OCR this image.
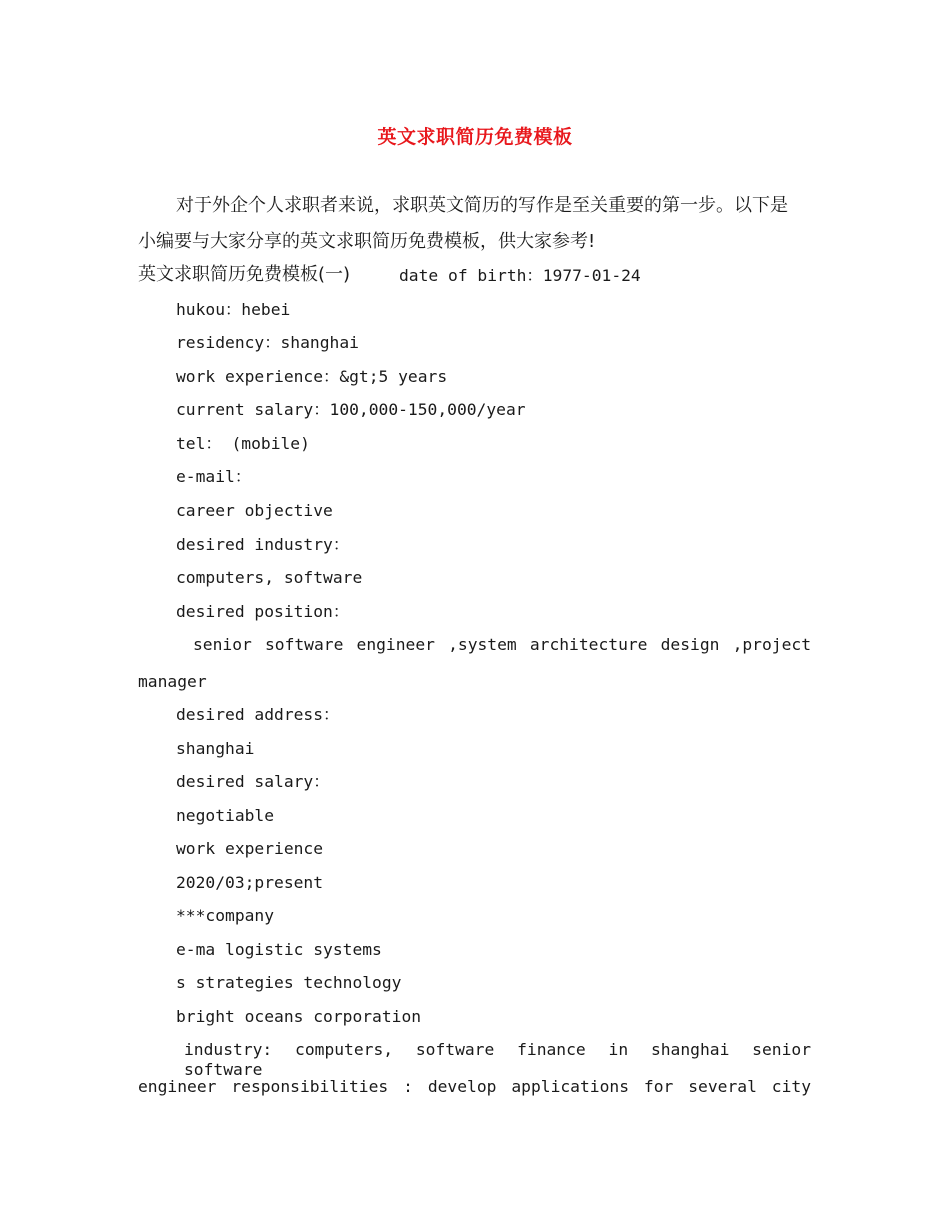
英文求职简历免费模板
对于外企个人求职者来说，求职英文简历的写作是至关重要的第一步。以下是
小编要与大家分享的英文求职简历免费模板，供大家参考!
英文求职简历免费模板(一)	date of birth：1977-01-24
hukou：hebei
residency：shanghai
work experience：&gt;5 years
current salary：100,000-150,000/year
tel： (mobile)
e-mail：
career objective
desired industry：
computers, software
desired position：
senior software engineer ,system architecture design ,project
manager
desired address：
shanghai
desired salary：
negotiable
work experience
2020/03;present
***company
e-ma logistic systems
s strategies technology
bright oceans corporation
industry: computers, software finance in shanghai senior software
engineer responsibilities : develop applications for several city
